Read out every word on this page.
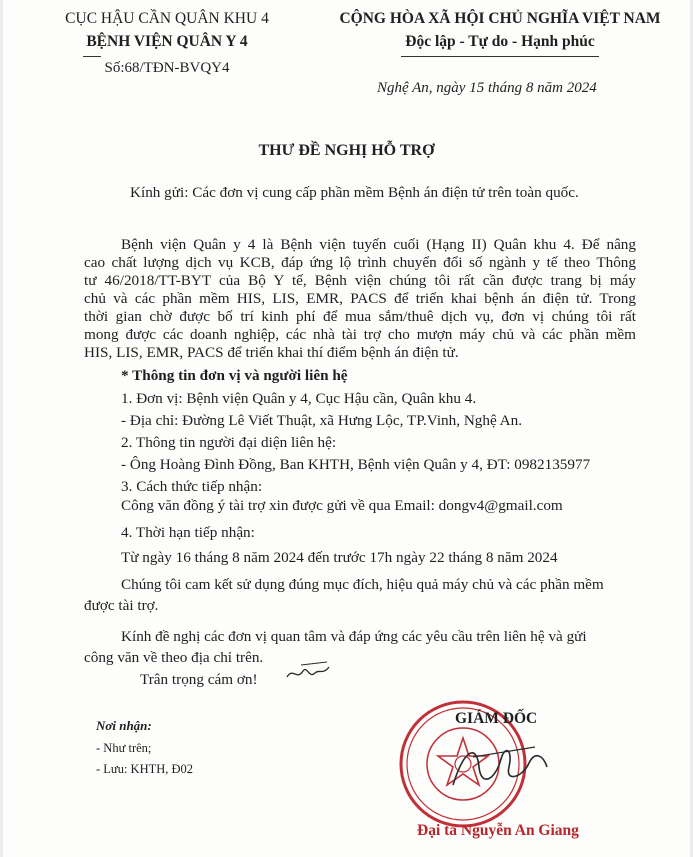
CỤC HẬU CẦN QUÂN KHU 4
BỆNH VIỆN QUÂN Y 4
Số:68/TĐN-BVQY4
CỘNG HÒA XÃ HỘI CHỦ NGHĨA VIỆT NAM
Độc lập - Tự do - Hạnh phúc
Nghệ An, ngày 15 tháng 8 năm 2024
THƯ ĐỀ NGHỊ HỖ TRỢ
Kính gửi: Các đơn vị cung cấp phần mềm Bệnh án điện tử trên toàn quốc.
Bệnh viện Quân y 4 là Bệnh viện tuyến cuối (Hạng II) Quân khu 4. Để nâng
cao chất lượng dịch vụ KCB, đáp ứng lộ trình chuyển đổi số ngành y tế theo Thông
tư 46/2018/TT-BYT của Bộ Y tế, Bệnh viện chúng tôi rất cần được trang bị máy
chủ và các phần mềm HIS, LIS, EMR, PACS để triển khai bệnh án điện tử. Trong
thời gian chờ được bố trí kinh phí để mua sắm/thuê dịch vụ, đơn vị chúng tôi rất
mong được các doanh nghiệp, các nhà tài trợ cho mượn máy chủ và các phần mềm
HIS, LIS, EMR, PACS để triển khai thí điểm bệnh án điện tử.
* Thông tin đơn vị và người liên hệ
1. Đơn vị: Bệnh viện Quân y 4, Cục Hậu cần, Quân khu 4.
- Địa chỉ: Đường Lê Viết Thuật, xã Hưng Lộc, TP.Vinh, Nghệ An.
2. Thông tin người đại diện liên hệ:
- Ông Hoàng Đình Đồng, Ban KHTH, Bệnh viện Quân y 4, ĐT: 0982135977
3. Cách thức tiếp nhận:
Công văn đồng ý tài trợ xin được gửi về qua Email: dongv4@gmail.com
4. Thời hạn tiếp nhận:
Từ ngày 16 tháng 8 năm 2024 đến trước 17h ngày 22 tháng 8 năm 2024
Chúng tôi cam kết sử dụng đúng mục đích, hiệu quả máy chủ và các phần mềm
được tài trợ.
Kính đề nghị các đơn vị quan tâm và đáp ứng các yêu cầu trên liên hệ và gửi
công văn về theo địa chỉ trên.
Trân trọng cám ơn!
Nơi nhận:
- Như trên;
- Lưu: KHTH, Đ02
GIÁM ĐỐC
Đại tá Nguyễn An Giang
